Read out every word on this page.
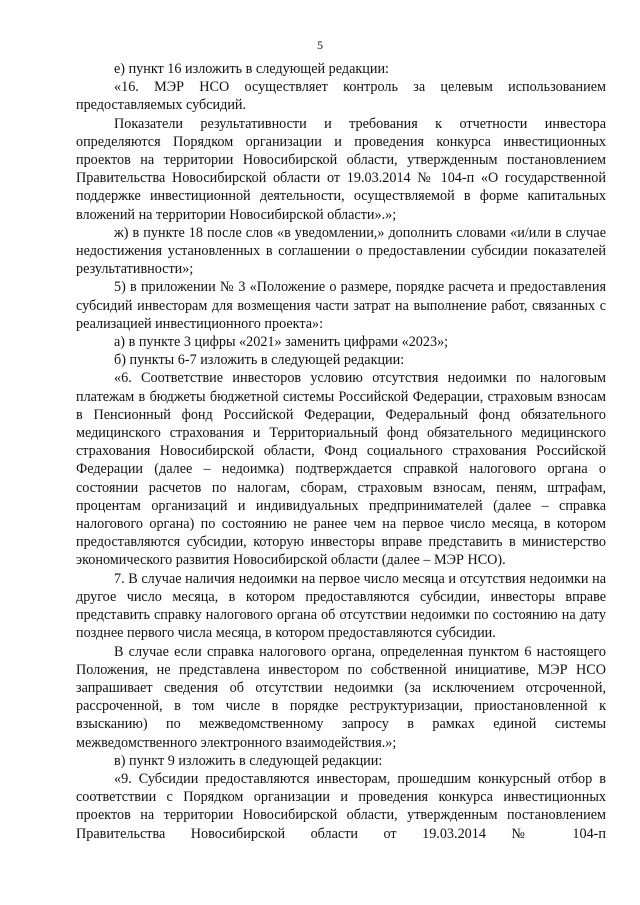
5

е) пункт 16 изложить в следующей редакции:

«16. МЭР НСО осуществляет контроль за целевым использованием предоставляемых субсидий.

Показатели результативности и требования к отчетности инвестора определяются Порядком организации и проведения конкурса инвестиционных проектов на территории Новосибирской области, утвержденным постановлением Правительства Новосибирской области от 19.03.2014 № 104-п «О государственной поддержке инвестиционной деятельности, осуществляемой в форме капитальных вложений на территории Новосибирской области».»;

ж) в пункте 18 после слов «в уведомлении,» дополнить словами «и/или в случае недостижения установленных в соглашении о предоставлении субсидии показателей результативности»;

5) в приложении № 3 «Положение о размере, порядке расчета и предоставления субсидий инвесторам для возмещения части затрат на выполнение работ, связанных с реализацией инвестиционного проекта»:

а) в пункте 3 цифры «2021» заменить цифрами «2023»;

б) пункты 6-7 изложить в следующей редакции:

«6. Соответствие инвесторов условию отсутствия недоимки по налоговым платежам в бюджеты бюджетной системы Российской Федерации, страховым взносам в Пенсионный фонд Российской Федерации, Федеральный фонд обязательного медицинского страхования и Территориальный фонд обязательного медицинского страхования Новосибирской области, Фонд социального страхования Российской Федерации (далее – недоимка) подтверждается справкой налогового органа о состоянии расчетов по налогам, сборам, страховым взносам, пеням, штрафам, процентам организаций и индивидуальных предпринимателей (далее – справка налогового органа) по состоянию не ранее чем на первое число месяца, в котором предоставляются субсидии, которую инвесторы вправе представить в министерство экономического развития Новосибирской области (далее – МЭР НСО).

7. В случае наличия недоимки на первое число месяца и отсутствия недоимки на другое число месяца, в котором предоставляются субсидии, инвесторы вправе представить справку налогового органа об отсутствии недоимки по состоянию на дату позднее первого числа месяца, в котором предоставляются субсидии.

В случае если справка налогового органа, определенная пунктом 6 настоящего Положения, не представлена инвестором по собственной инициативе, МЭР НСО запрашивает сведения об отсутствии недоимки (за исключением отсроченной, рассроченной, в том числе в порядке реструктуризации, приостановленной к взысканию) по межведомственному запросу в рамках единой системы межведомственного электронного взаимодействия.»;

в) пункт 9 изложить в следующей редакции:

«9. Субсидии предоставляются инвесторам, прошедшим конкурсный отбор в соответствии с Порядком организации и проведения конкурса инвестиционных проектов на территории Новосибирской области, утвержденным постановлением Правительства Новосибирской области от 19.03.2014 № 104-п
